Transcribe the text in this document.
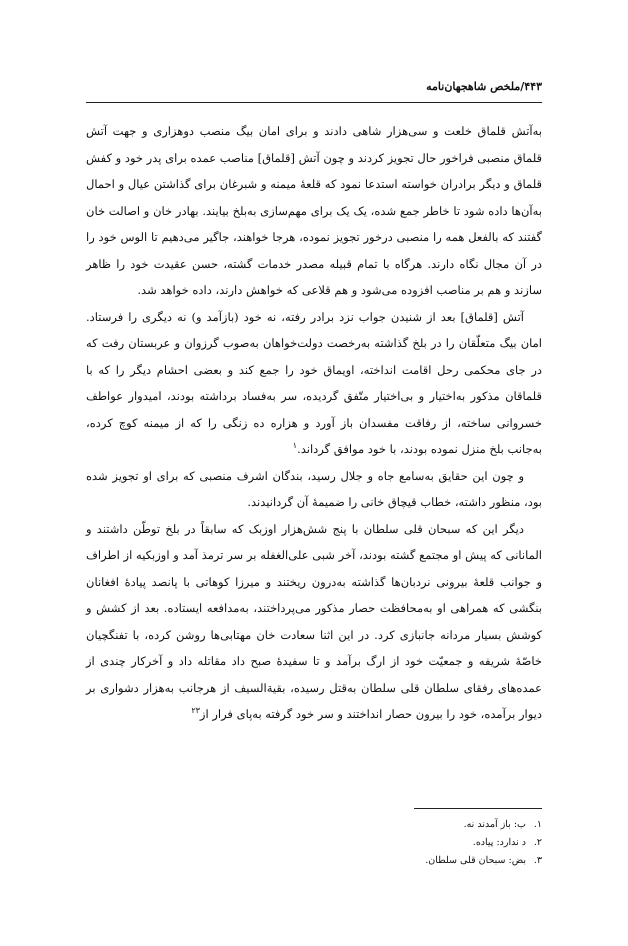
۴۴۳/ملخص شاهجهان‌نامه

به‌آتش قلماق خلعت و سی‌هزار شاهی دادند و برای امان بیگ منصب دوهزاری و جهت آتش قلماق منصبی فراخور حال تجویز کردند و چون آتش [قلماق] مناصب عمده برای پدر خود و کفش قلماق و دیگر برادران خواسته استدعا نمود که قلعهٔ میمنه و شبرغان برای گذاشتن عیال و احمال به‌آن‌ها داده شود تا خاطر جمع شده، یک یک برای مهم‌سازی به‌بلخ بیایند. بهادر خان و اصالت خان گفتند که بالفعل همه را منصبی درخور تجویز نموده، هرجا خواهند، جاگیر می‌دهیم تا الوس خود را در آن مجال نگاه دارند. هرگاه با تمام قبیله مصدر خدمات گشته، حسن عقیدت خود را ظاهر سازند و هم بر مناصب افزوده می‌شود و هم قلاعی که خواهش دارند، داده خواهد شد.

آتش [قلماق] بعد از شنیدن جواب نزد برادر رفته، نه خود (بازآمد و) نه دیگری را فرستاد. امان بیگ متعلّقان را در بلخ گذاشته به‌رخصت دولت‌خواهان به‌صوب گرزوان و عربستان رفت که در جای محکمی رحل اقامت انداخته، اویماق خود را جمع کند و بعضی احشام دیگر را که با قلماقان مذکور به‌اختیار و بی‌اختیار متّفق گردیده، سر به‌فساد برداشته بودند، امیدوار عواطف خسروانی ساخته، از رفاقت مفسدان باز آورد و هزاره ده زنگی را که از میمنه کوچ کرده، به‌جانب بلخ منزل نموده بودند، با خود موافق گرداند.$^۱$

و چون این حقایق به‌سامع جاه و جلال رسید، بندگان اشرف منصبی که برای او تجویز شده بود، منظور داشته، خطاب قیچاق خانی را ضمیمهٔ آن گردانیدند.

دیگر این که سبحان قلی سلطان با پنج شش‌هزار اوزبک که سابقاً در بلخ توطّن داشتند و المانانی که پیش او مجتمع گشته بودند، آخر شبی علی‌الغفله بر سر ترمذ آمد و اوزبکیه از اطراف و جوانب قلعهٔ بیرونی نردبان‌ها گذاشته به‌درون ریختند و میرزا کوهاتی با پانصد پیادهٔ افغانان بنگشی که همراهی او به‌محافظت حصار مذکور می‌پرداختند، به‌مدافعه ایستاده. بعد از کشش و کوشش بسیار مردانه جانبازی کرد. در این اثنا سعادت خان مهتابی‌ها روشن کرده، با تفنگچیان خاصّهٔ شریفه و جمعیّت خود از ارگ برآمد و تا سفیدهٔ صبح داد مقاتله داد و آخرکار چندی از عمده‌های رفقای سلطان قلی سلطان به‌قتل رسیده، بقیةالسیف از هرجانب به‌هزار دشواری بر دیوار برآمده، خود را بیرون حصار انداختند و سر خود گرفته به‌پای فرار از$^{۲۳}$

۱.
ب: باز آمدند نه.
۲.
د ندارد: پیاده.
۳.
بض: سبحان قلی سلطان.
